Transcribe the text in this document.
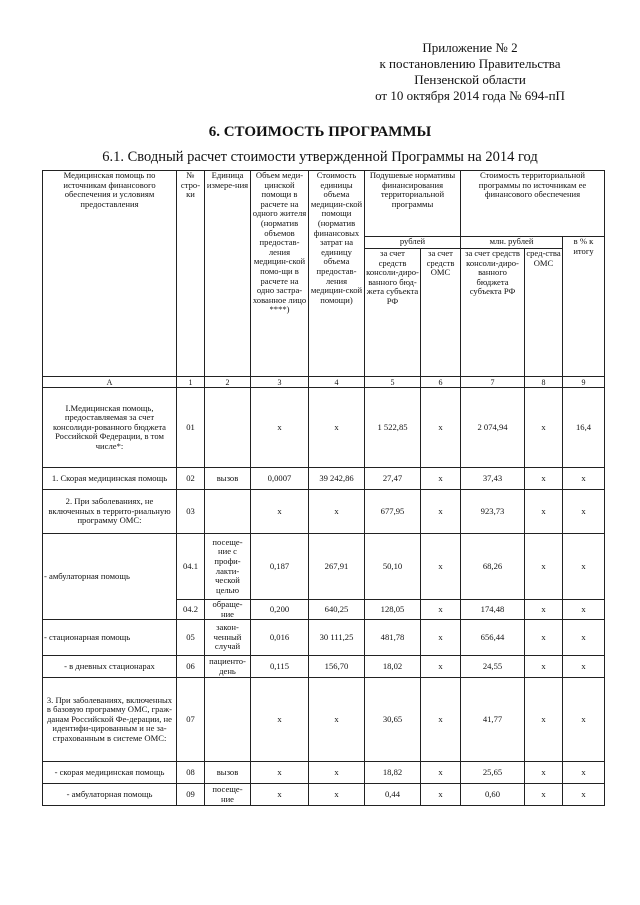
Приложение № 2
к постановлению Правительства
Пензенской области
от 10 октября 2014 года № 694-пП
6. СТОИМОСТЬ ПРОГРАММЫ
6.1. Сводный расчет стоимости утвержденной Программы на 2014 год
Медицинская помощь по источникам финансового обеспечения и условиям предоставления	№ стро-ки	Единица измере-ния	Объем меди-цинской помощи в расчете на одного жителя (норматив объемов предостав-ления медицин-ской помо-щи в расчете на одно застра-хованное лицо ****)	Стоимость единицы объема медицин-ской помощи (норматив финансовых затрат на единицу объема предостав-ления медицин-ской помощи)	Подушевые нормативы финансирования территориальной программы		Стоимость территориальной программы по источникам ее финансового обеспечения		
					рублей		млн. рублей		в % к итогу
					за счет средств консоли-диро-ванного бюд-жета субъекта РФ	за счет средств ОМС	за счет средств консоли-диро-ванного бюджета субъекта РФ	сред-ства ОМС	
А	1	2	3	4	5	6	7	8	9
I.Медицинская помощь, предоставляемая за счет консолиди-рованного бюджета Российской Федерации, в том числе*:	01		x	x	1 522,85	x	2 074,94	x	16,4
1. Скорая медицинская помощь	02	вызов	0,0007	39 242,86	27,47	x	37,43	x	x
2. При заболеваниях, не включенных в террито-риальную программу ОМС:	03		x	x	677,95	x	923,73	x	x
- амбулаторная помощь	04.1	посеще-ние с профи-лакти-ческой целью	0,187	267,91	50,10	x	68,26	x	x
	04.2	обраще-ние	0,200	640,25	128,05	x	174,48	x	x
- стационарная помощь	05	закон-ченный случай	0,016	30 111,25	481,78	x	656,44	x	x
- в дневных стационарах	06	пациенто-день	0,115	156,70	18,02	x	24,55	x	x
3. При заболеваниях, включенных в базовую программу ОМС, граж-данам Российской Фе-дерации, не идентифи-цированным и не за-страхованным в системе ОМС:	07		x	x	30,65	x	41,77	x	x
- скорая медицинская помощь	08	вызов	x	x	18,82	x	25,65	x	x
- амбулаторная помощь	09	посеще-ние	x	x	0,44	x	0,60	x	x
